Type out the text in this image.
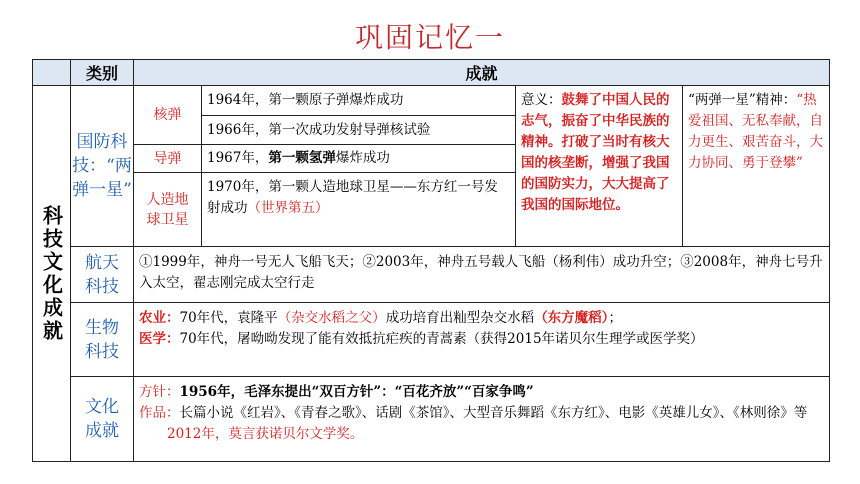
巩固记忆一
类别	成就
科技文化成就
国防科技：“两弹一星”
核弹
1964年，第一颗原子弹爆炸成功
1966年，第一次成功发射导弹核试验
导弹	1967年，第一颗氢弹爆炸成功
人造地球卫星
1970年，第一颗人造地球卫星——东方红一号发射成功（世界第五）
意义：鼓舞了中国人民的志气，振奋了中华民族的精神。打破了当时有核大国的核垄断，增强了我国的国防实力，大大提高了我国的国际地位。
“两弹一星”精神：“热爱祖国、无私奉献，自力更生、艰苦奋斗，大力协同、勇于登攀”
航天科技
①1999年，神舟一号无人飞船飞天；②2003年，神舟五号载人飞船（杨利伟）成功升空；③2008年，神舟七号升入太空，翟志刚完成太空行走
生物科技
农业：70年代，袁隆平（杂交水稻之父）成功培育出籼型杂交水稻（东方魔稻）；
医学：70年代，屠呦呦发现了能有效抵抗疟疾的青蒿素（获得2015年诺贝尔生理学或医学奖）
文化成就
方针：1956年，毛泽东提出“双百方针”：“百花齐放”“百家争鸣”
作品：长篇小说《红岩》、《青春之歌》、话剧《茶馆》、大型音乐舞蹈《东方红》、电影《英雄儿女》、《林则徐》等 2012年，莫言获诺贝尔文学奖。
